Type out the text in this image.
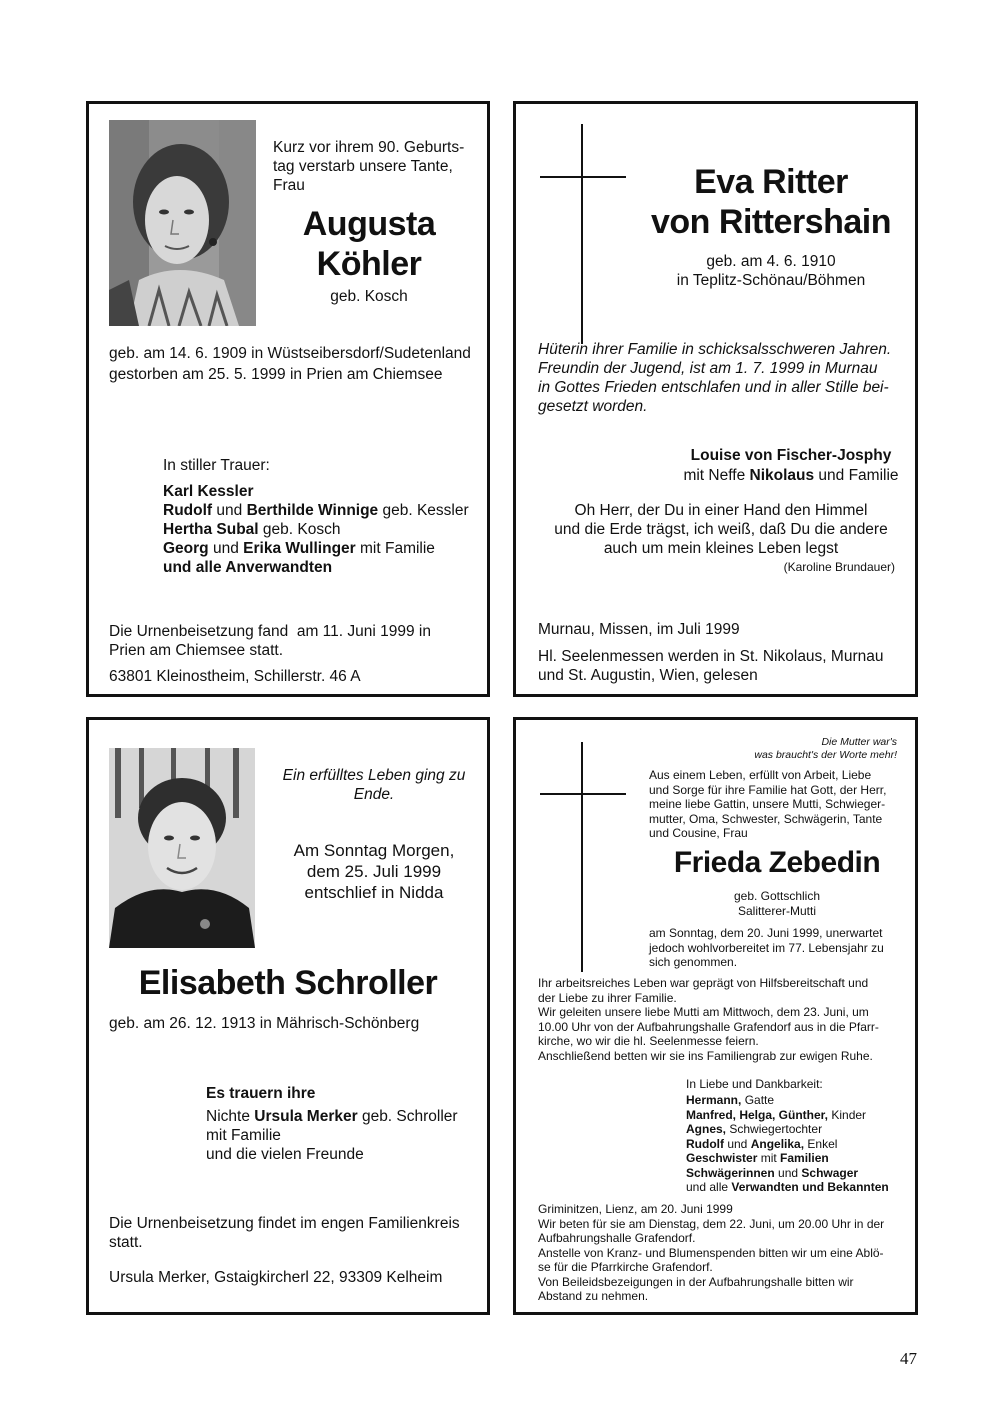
Kurz vor ihrem 90. Geburts-
tag verstarb unsere Tante,
Frau
Augusta
Köhler
geb. Kosch
geb. am 14. 6. 1909 in Wüstseibersdorf/Sudetenland
gestorben am 25. 5. 1999 in Prien am Chiemsee
In stiller Trauer:
Karl Kessler
Rudolf und Berthilde Winnige geb. Kessler
Hertha Subal geb. Kosch
Georg und Erika Wullinger mit Familie
und alle Anverwandten
Die Urnenbeisetzung fand  am 11. Juni 1999 in
Prien am Chiemsee statt.
63801 Kleinostheim, Schillerstr. 46 A
Eva Ritter
von Rittershain
geb. am 4. 6. 1910
in Teplitz-Schönau/Böhmen
Hüterin ihrer Familie in schicksalsschweren Jahren.
Freundin der Jugend, ist am 1. 7. 1999 in Murnau
in Gottes Frieden entschlafen und in aller Stille bei-
gesetzt worden.
Louise von Fischer-Josphy
mit Neffe Nikolaus und Familie
Oh Herr, der Du in einer Hand den Himmel
und die Erde trägst, ich weiß, daß Du die andere
auch um mein kleines Leben legst
(Karoline Brundauer)
Murnau, Missen, im Juli 1999
Hl. Seelenmessen werden in St. Nikolaus, Murnau
und St. Augustin, Wien, gelesen
Ein erfülltes Leben ging zu Ende.
Am Sonntag Morgen,
dem 25. Juli 1999
entschlief in Nidda
Elisabeth Schroller
geb. am 26. 12. 1913 in Mährisch-Schönberg
Es trauern ihre
Nichte Ursula Merker geb. Schroller
mit Familie
und die vielen Freunde
Die Urnenbeisetzung findet im engen Familienkreis
statt.
Ursula Merker, Gstaigkircherl 22, 93309 Kelheim
Die Mutter war's
was braucht's der Worte mehr!
Aus einem Leben, erfüllt von Arbeit, Liebe
und Sorge für ihre Familie hat Gott, der Herr,
meine liebe Gattin, unsere Mutti, Schwieger-
mutter, Oma, Schwester, Schwägerin, Tante
und Cousine, Frau
Frieda Zebedin
geb. Gottschlich
Salitterer-Mutti
am Sonntag, dem 20. Juni 1999, unerwartet
jedoch wohlvorbereitet im 77. Lebensjahr zu
sich genommen.
Ihr arbeitsreiches Leben war geprägt von Hilfsbereitschaft und
der Liebe zu ihrer Familie.
Wir geleiten unsere liebe Mutti am Mittwoch, dem 23. Juni, um
10.00 Uhr von der Aufbahrungshalle Grafendorf aus in die Pfarr-
kirche, wo wir die hl. Seelenmesse feiern.
Anschließend betten wir sie ins Familiengrab zur ewigen Ruhe.
In Liebe und Dankbarkeit:
Hermann, Gatte
Manfred, Helga, Günther, Kinder
Agnes, Schwiegertochter
Rudolf und Angelika, Enkel
Geschwister mit Familien
Schwägerinnen und Schwager
und alle Verwandten und Bekannten
Griminitzen, Lienz, am 20. Juni 1999
Wir beten für sie am Dienstag, dem 22. Juni, um 20.00 Uhr in der
Aufbahrungshalle Grafendorf.
Anstelle von Kranz- und Blumenspenden bitten wir um eine Ablö-
se für die Pfarrkirche Grafendorf.
Von Beileidsbezeigungen in der Aufbahrungshalle bitten wir
Abstand zu nehmen.
47
